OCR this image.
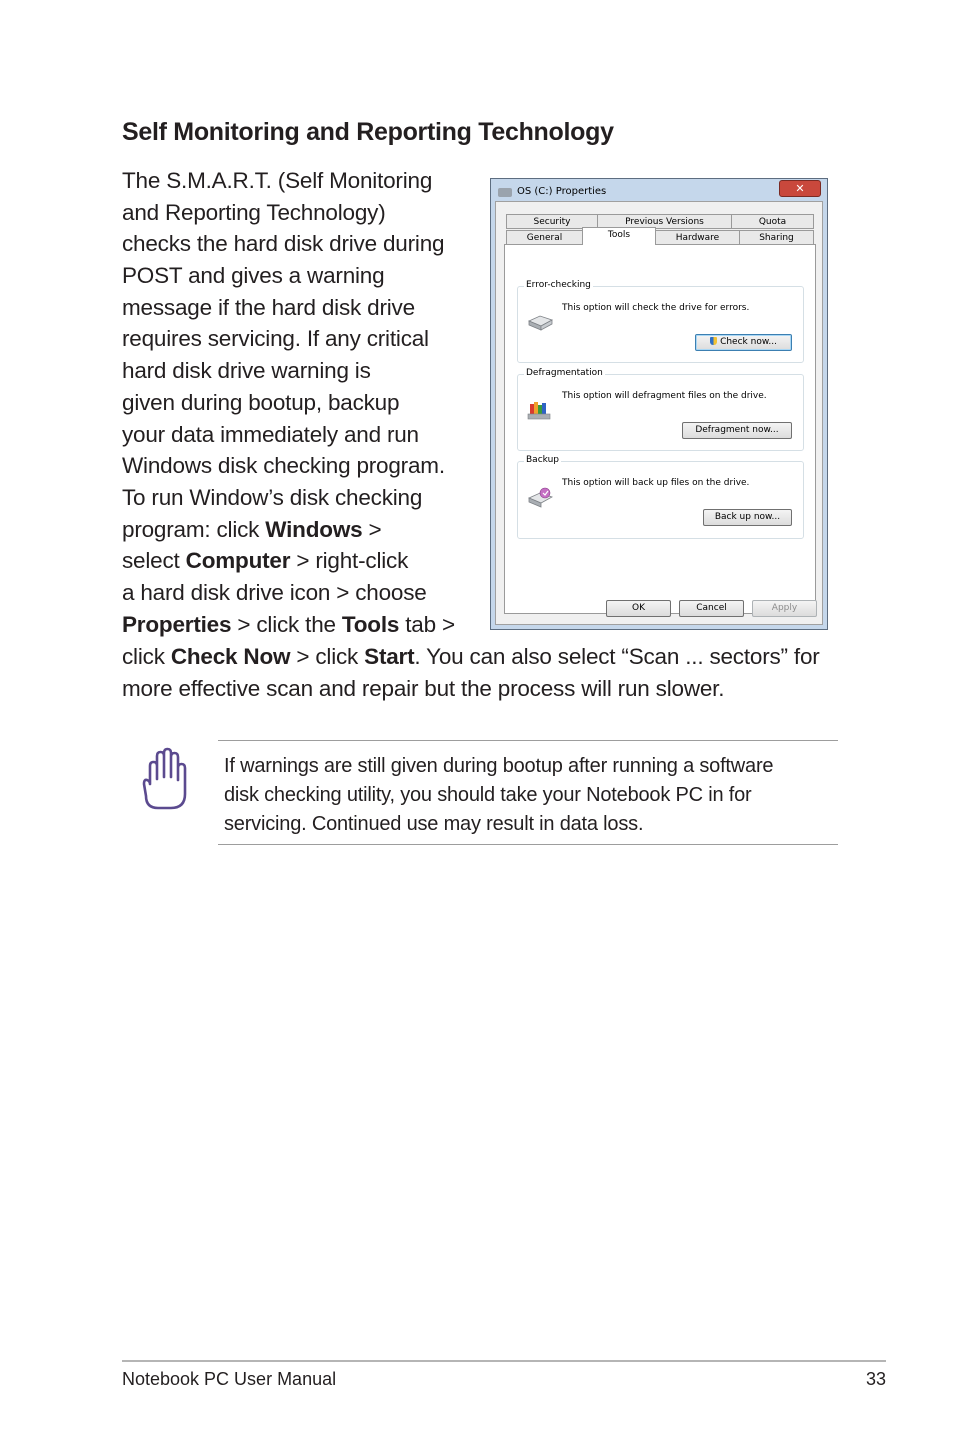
Self Monitoring and Reporting Technology
The S.M.A.R.T. (Self Monitoring
and Reporting Technology)
checks the hard disk drive during
POST and gives a warning
message if the hard disk drive
requires servicing. If any critical
hard disk drive warning is
given during bootup, backup
your data immediately and run
Windows disk checking program.
To run Window’s disk checking
program: click Windows >
select Computer > right-click
a hard disk drive icon > choose
Properties > click the Tools tab >
click Check Now > click Start. You can also select “Scan ... sectors” for
more effective scan and repair but the process will run slower.
OS (C:) Properties	✕
Security	Previous Versions	Quota
General	Tools	Hardware	Sharing
Error-checking
This option will check the drive for errors.
Check now...
Defragmentation
This option will defragment files on the drive.
Defragment now...
Backup
This option will back up files on the drive.
Back up now...
OK	Cancel	Apply
If warnings are still given during bootup after running a software
disk checking utility, you should take your Notebook PC in for
servicing. Continued use may result in data loss.
Notebook PC User Manual	33
